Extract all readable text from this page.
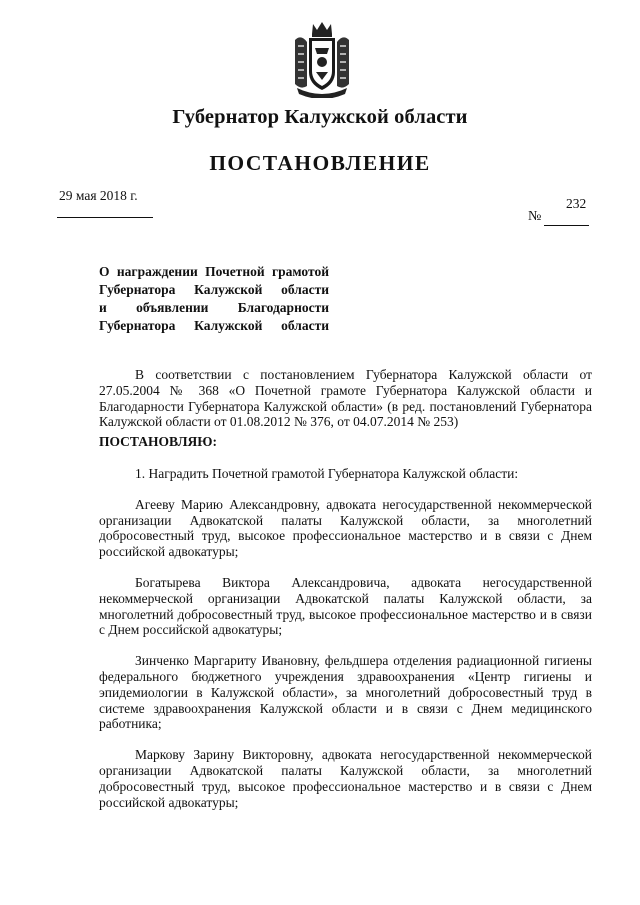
Губернатор Калужской области
ПОСТАНОВЛЕНИЕ
29 мая 2018 г.
232
№
О награждении Почетной грамотой
Губернатора Калужской области
и объявлении Благодарности
Губернатора Калужской области

В соответствии с постановлением Губернатора Калужской области от 27.05.2004 № 368 «О Почетной грамоте Губернатора Калужской области и Благодарности Губернатора Калужской области» (в ред. постановлений Губернатора Калужской области от 01.08.2012 № 376, от 04.07.2014 № 253)

ПОСТАНОВЛЯЮ:

1. Наградить Почетной грамотой Губернатора Калужской области:

Агееву Марию Александровну, адвоката негосударственной некоммерческой организации Адвокатской палаты Калужской области, за многолетний добросовестный труд, высокое профессиональное мастерство и в связи с Днем российской адвокатуры;

Богатырева Виктора Александровича, адвоката негосударственной некоммерческой организации Адвокатской палаты Калужской области, за многолетний добросовестный труд, высокое профессиональное мастерство и в связи с Днем российской адвокатуры;

Зинченко Маргариту Ивановну, фельдшера отделения радиационной гигиены федерального бюджетного учреждения здравоохранения «Центр гигиены и эпидемиологии в Калужской области», за многолетний добросовестный труд в системе здравоохранения Калужской области и в связи с Днем медицинского работника;

Маркову Зарину Викторовну, адвоката негосударственной некоммерческой организации Адвокатской палаты Калужской области, за многолетний добросовестный труд, высокое профессиональное мастерство и в связи с Днем российской адвокатуры;
